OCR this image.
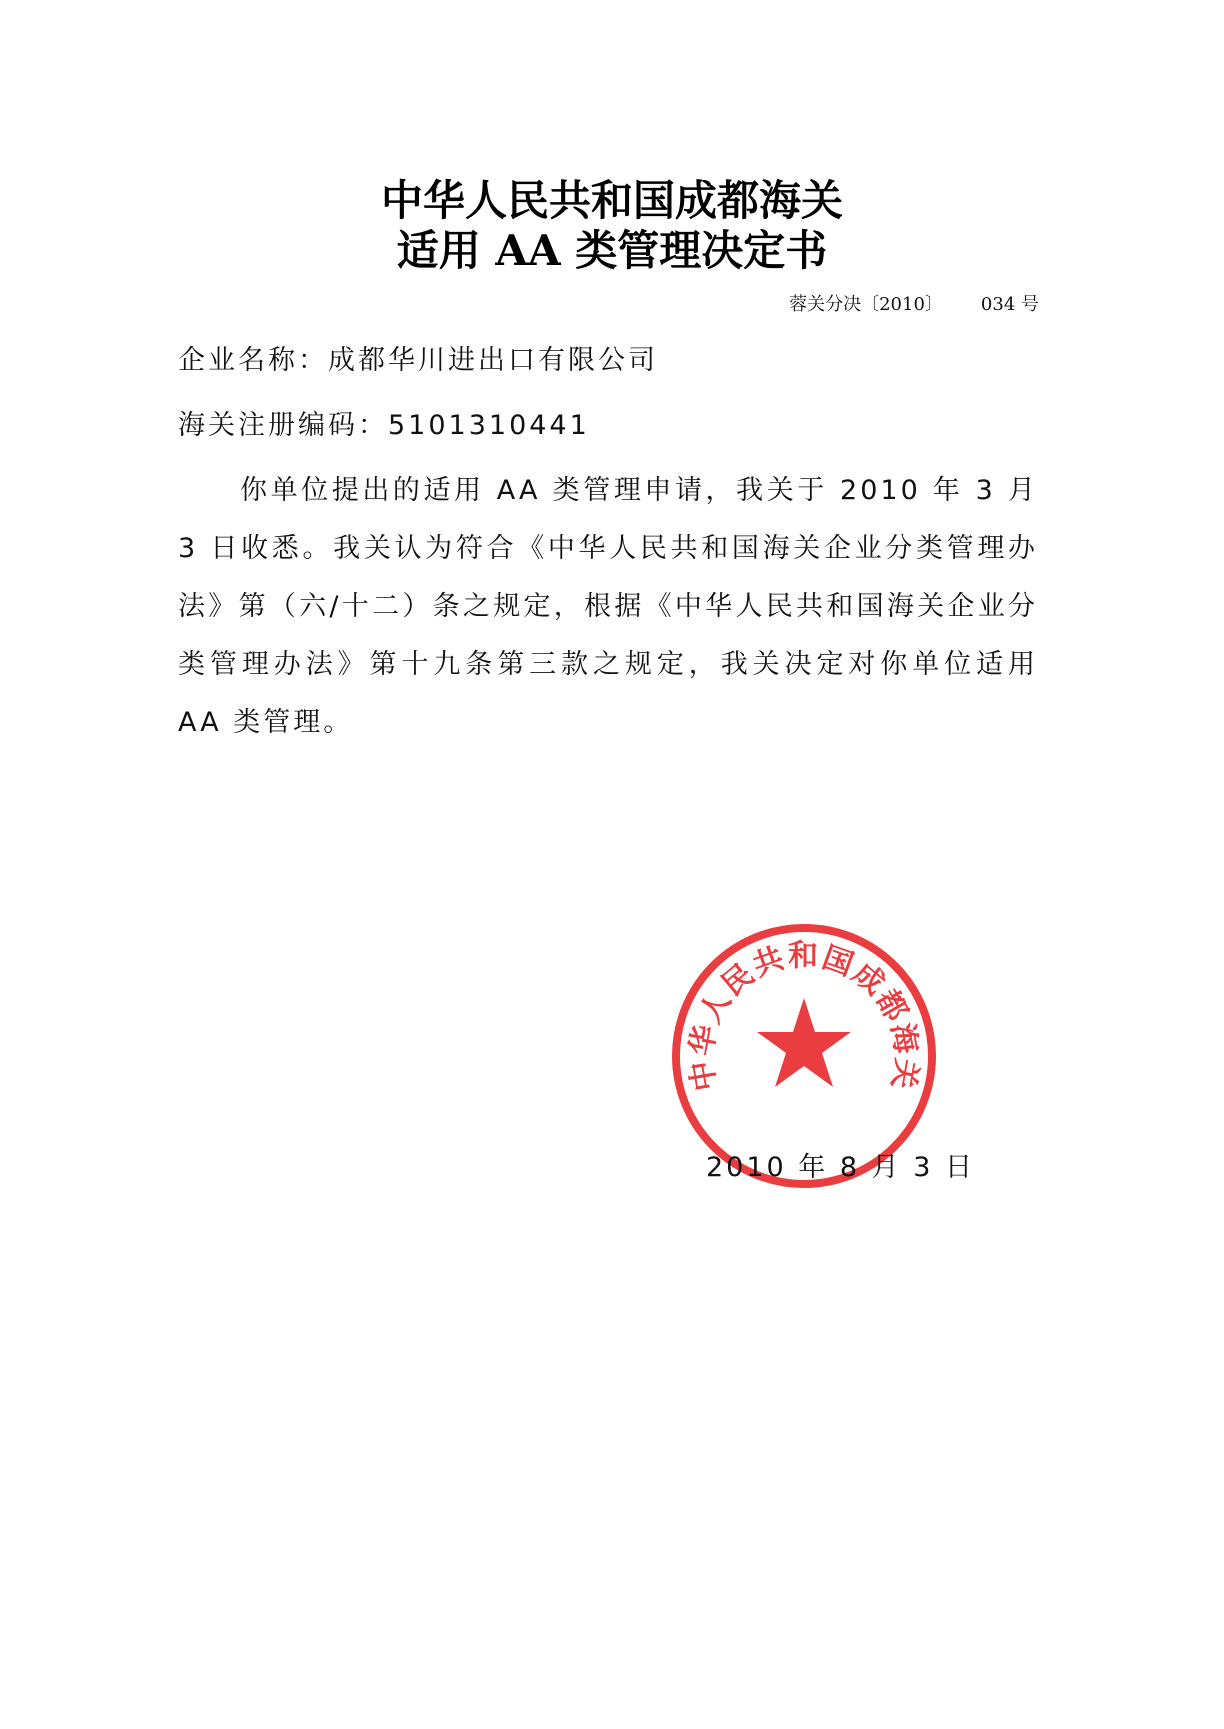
中华人民共和国成都海关
适用 AA 类管理决定书
蓉关分决〔2010〕 034 号
企业名称：成都华川进出口有限公司
海关注册编码：5101310441
你单位提出的适用 AA 类管理申请，我关于 2010 年 3 月 3 日收悉。我关认为符合《中华人民共和国海关企业分类管理办法》第（六/十二）条之规定，根据《中华人民共和国海关企业分类管理办法》第十九条第三款之规定，我关决定对你单位适用 AA 类管理。
中华人民共和国成都海关
2010 年 8 月 3 日
